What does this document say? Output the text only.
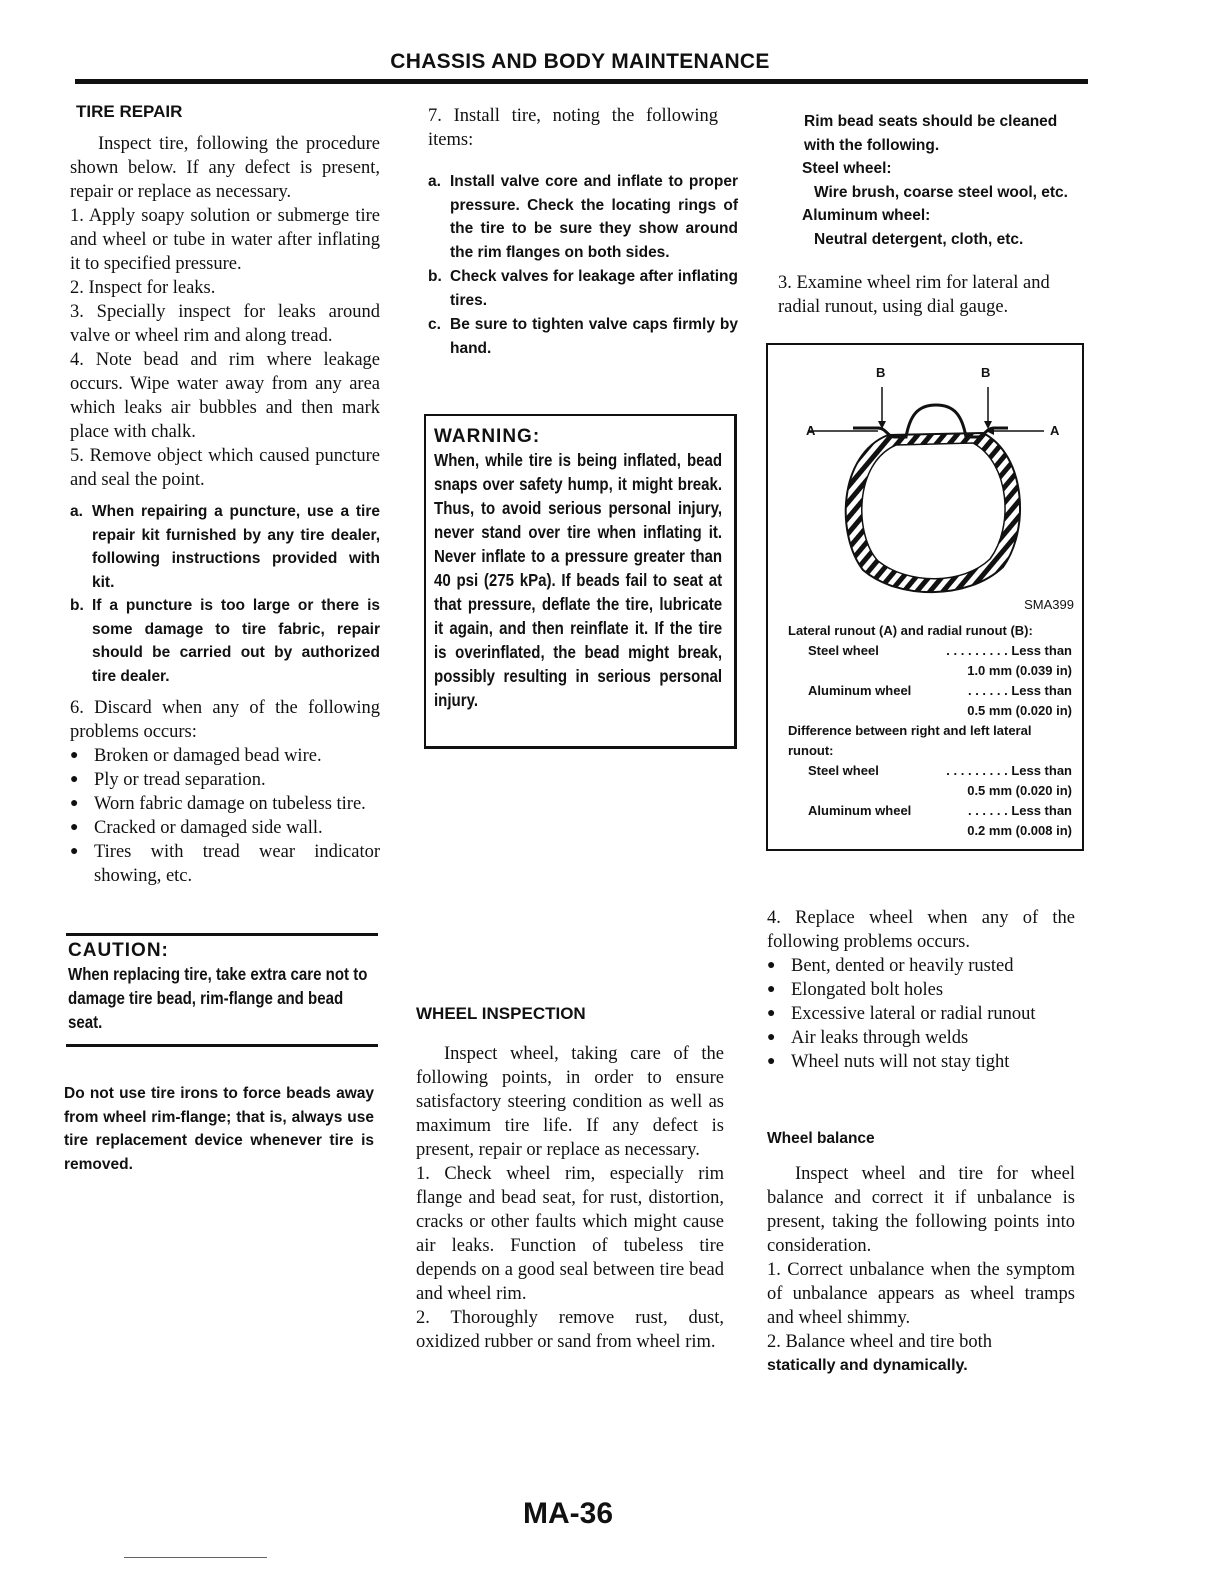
CHASSIS AND BODY MAINTENANCE

TIRE REPAIR

Inspect tire, following the procedure shown below. If any defect is present, repair or replace as necessary.

1. Apply soapy solution or submerge tire and wheel or tube in water after inflating it to specified pressure.

2. Inspect for leaks.

3. Specially inspect for leaks around valve or wheel rim and along tread.

4. Note bead and rim where leakage occurs. Wipe water away from any area which leaks air bubbles and then mark place with chalk.

5. Remove object which caused puncture and seal the point.

a. When repairing a puncture, use a tire repair kit furnished by any tire dealer, following instructions provided with kit.
b. If a puncture is too large or there is some damage to tire fabric, repair should be carried out by authorized tire dealer.

6. Discard when any of the following problems occurs:

● Broken or damaged bead wire.
● Ply or tread separation.
● Worn fabric damage on tubeless tire.
● Cracked or damaged side wall.
● Tires with tread wear indicator showing, etc.
CAUTION:
When replacing tire, take extra care not to damage tire bead, rim-flange and bead seat.
Do not use tire irons to force beads away from wheel rim-flange; that is, always use tire replacement device whenever tire is removed.

7. Install tire, noting the following items:

a. Install valve core and inflate to proper pressure. Check the locating rings of the tire to be sure they show around the rim flanges on both sides.
b. Check valves for leakage after inflating tires.
c. Be sure to tighten valve caps firmly by hand.
WARNING:
When, while tire is being inflated, bead snaps over safety hump, it might break. Thus, to avoid serious personal injury, never stand over tire when inflating it. Never inflate to a pressure greater than 40 psi (275 kPa). If beads fail to seat at that pressure, deflate the tire, lubricate it again, and then reinflate it. If the tire is overinflated, the bead might break, possibly resulting in serious personal injury.

WHEEL INSPECTION

Inspect wheel, taking care of the following points, in order to ensure satisfactory steering condition as well as maximum tire life. If any defect is present, repair or replace as necessary.

1. Check wheel rim, especially rim flange and bead seat, for rust, distortion, cracks or other faults which might cause air leaks. Function of tubeless tire depends on a good seal between tire bead and wheel rim.

2. Thoroughly remove rust, dust, oxidized rubber or sand from wheel rim.

Rim bead seats should be cleaned with the following.
Steel wheel:
Wire brush, coarse steel wool, etc.
Aluminum wheel:
Neutral detergent, cloth, etc.

3. Examine wheel rim for lateral and radial runout, using dial gauge.

B	B
A	A
SMA399
Lateral runout (A) and radial runout (B):
Steel wheel	. . . . . . . . . Less than
1.0 mm (0.039 in)
Aluminum wheel	. . . . . . Less than
0.5 mm (0.020 in)
Difference between right and left lateral runout:
Steel wheel	. . . . . . . . . Less than
0.5 mm (0.020 in)
Aluminum wheel	. . . . . . Less than
0.2 mm (0.008 in)

4. Replace wheel when any of the following problems occurs.

● Bent, dented or heavily rusted
● Elongated bolt holes
● Excessive lateral or radial runout
● Air leaks through welds
● Wheel nuts will not stay tight

Wheel balance

Inspect wheel and tire for wheel balance and correct it if unbalance is present, taking the following points into consideration.

1. Correct unbalance when the symptom of unbalance appears as wheel tramps and wheel shimmy.

2. Balance wheel and tire both

statically and dynamically.

MA-36
